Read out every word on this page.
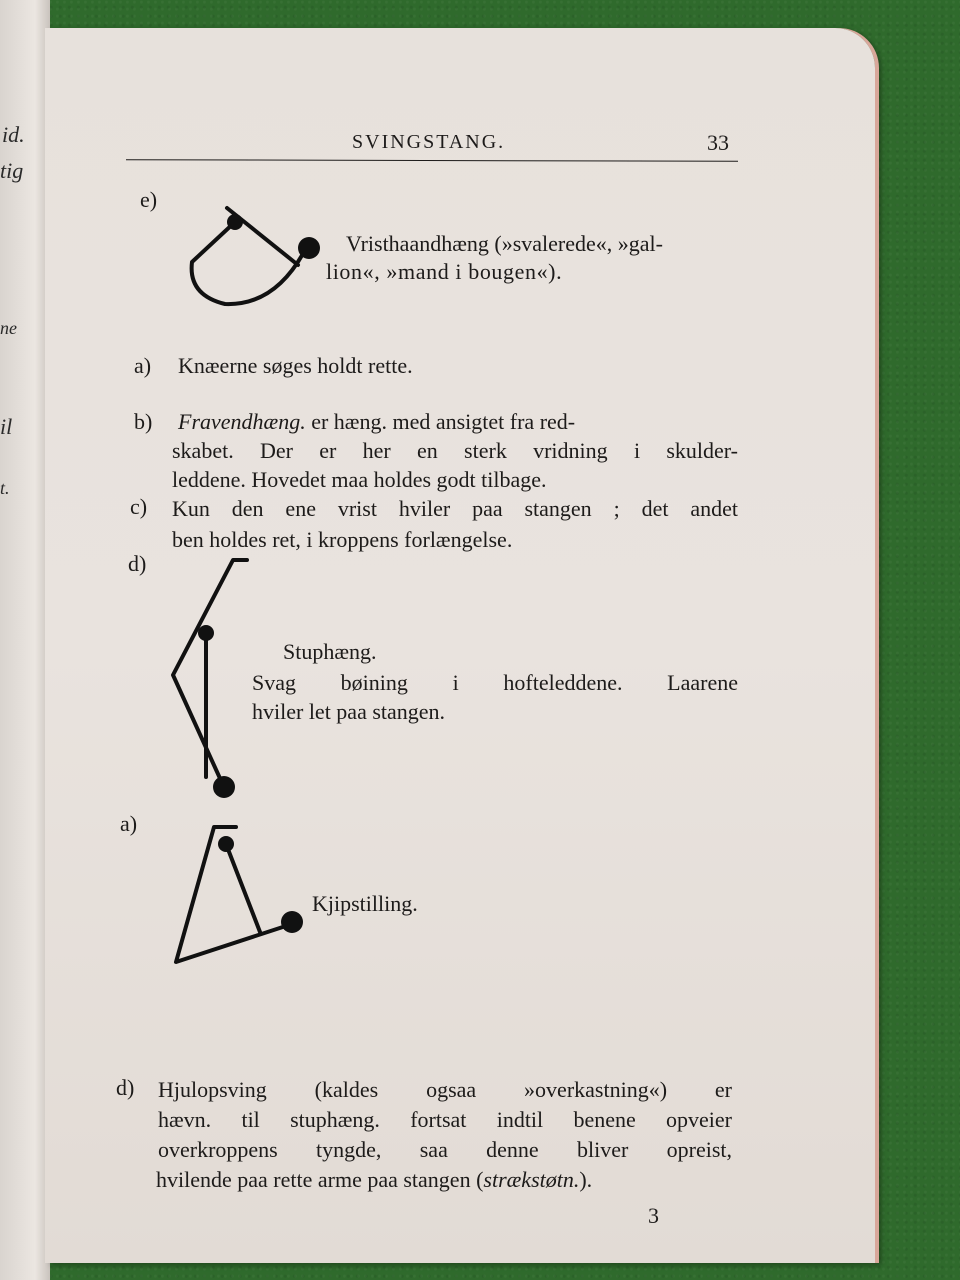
id.
tig
ne
il
t.
SVINGSTANG.	33
e)
Vristhaandhæng (»svalerede«, »gal-
lion«, »mand i bougen«).
a) Knæerne søges holdt rette.
b) Fravendhæng. er hæng. med ansigtet fra red-
skabet. Der er her en sterk vridning i skulder-
leddene. Hovedet maa holdes godt tilbage.
c) Kun den ene vrist hviler paa stangen ; det andet
ben holdes ret, i kroppens forlængelse.
d)
Stuphæng.
Svag bøining i hofteleddene. Laarene
hviler let paa stangen.
a)
Kjipstilling.
d) Hjulopsving (kaldes ogsaa »overkastning«) er
hævn. til stuphæng. fortsat indtil benene opveier
overkroppens tyngde, saa denne bliver opreist,
hvilende paa rette arme paa stangen (strækstøtn.).
3
